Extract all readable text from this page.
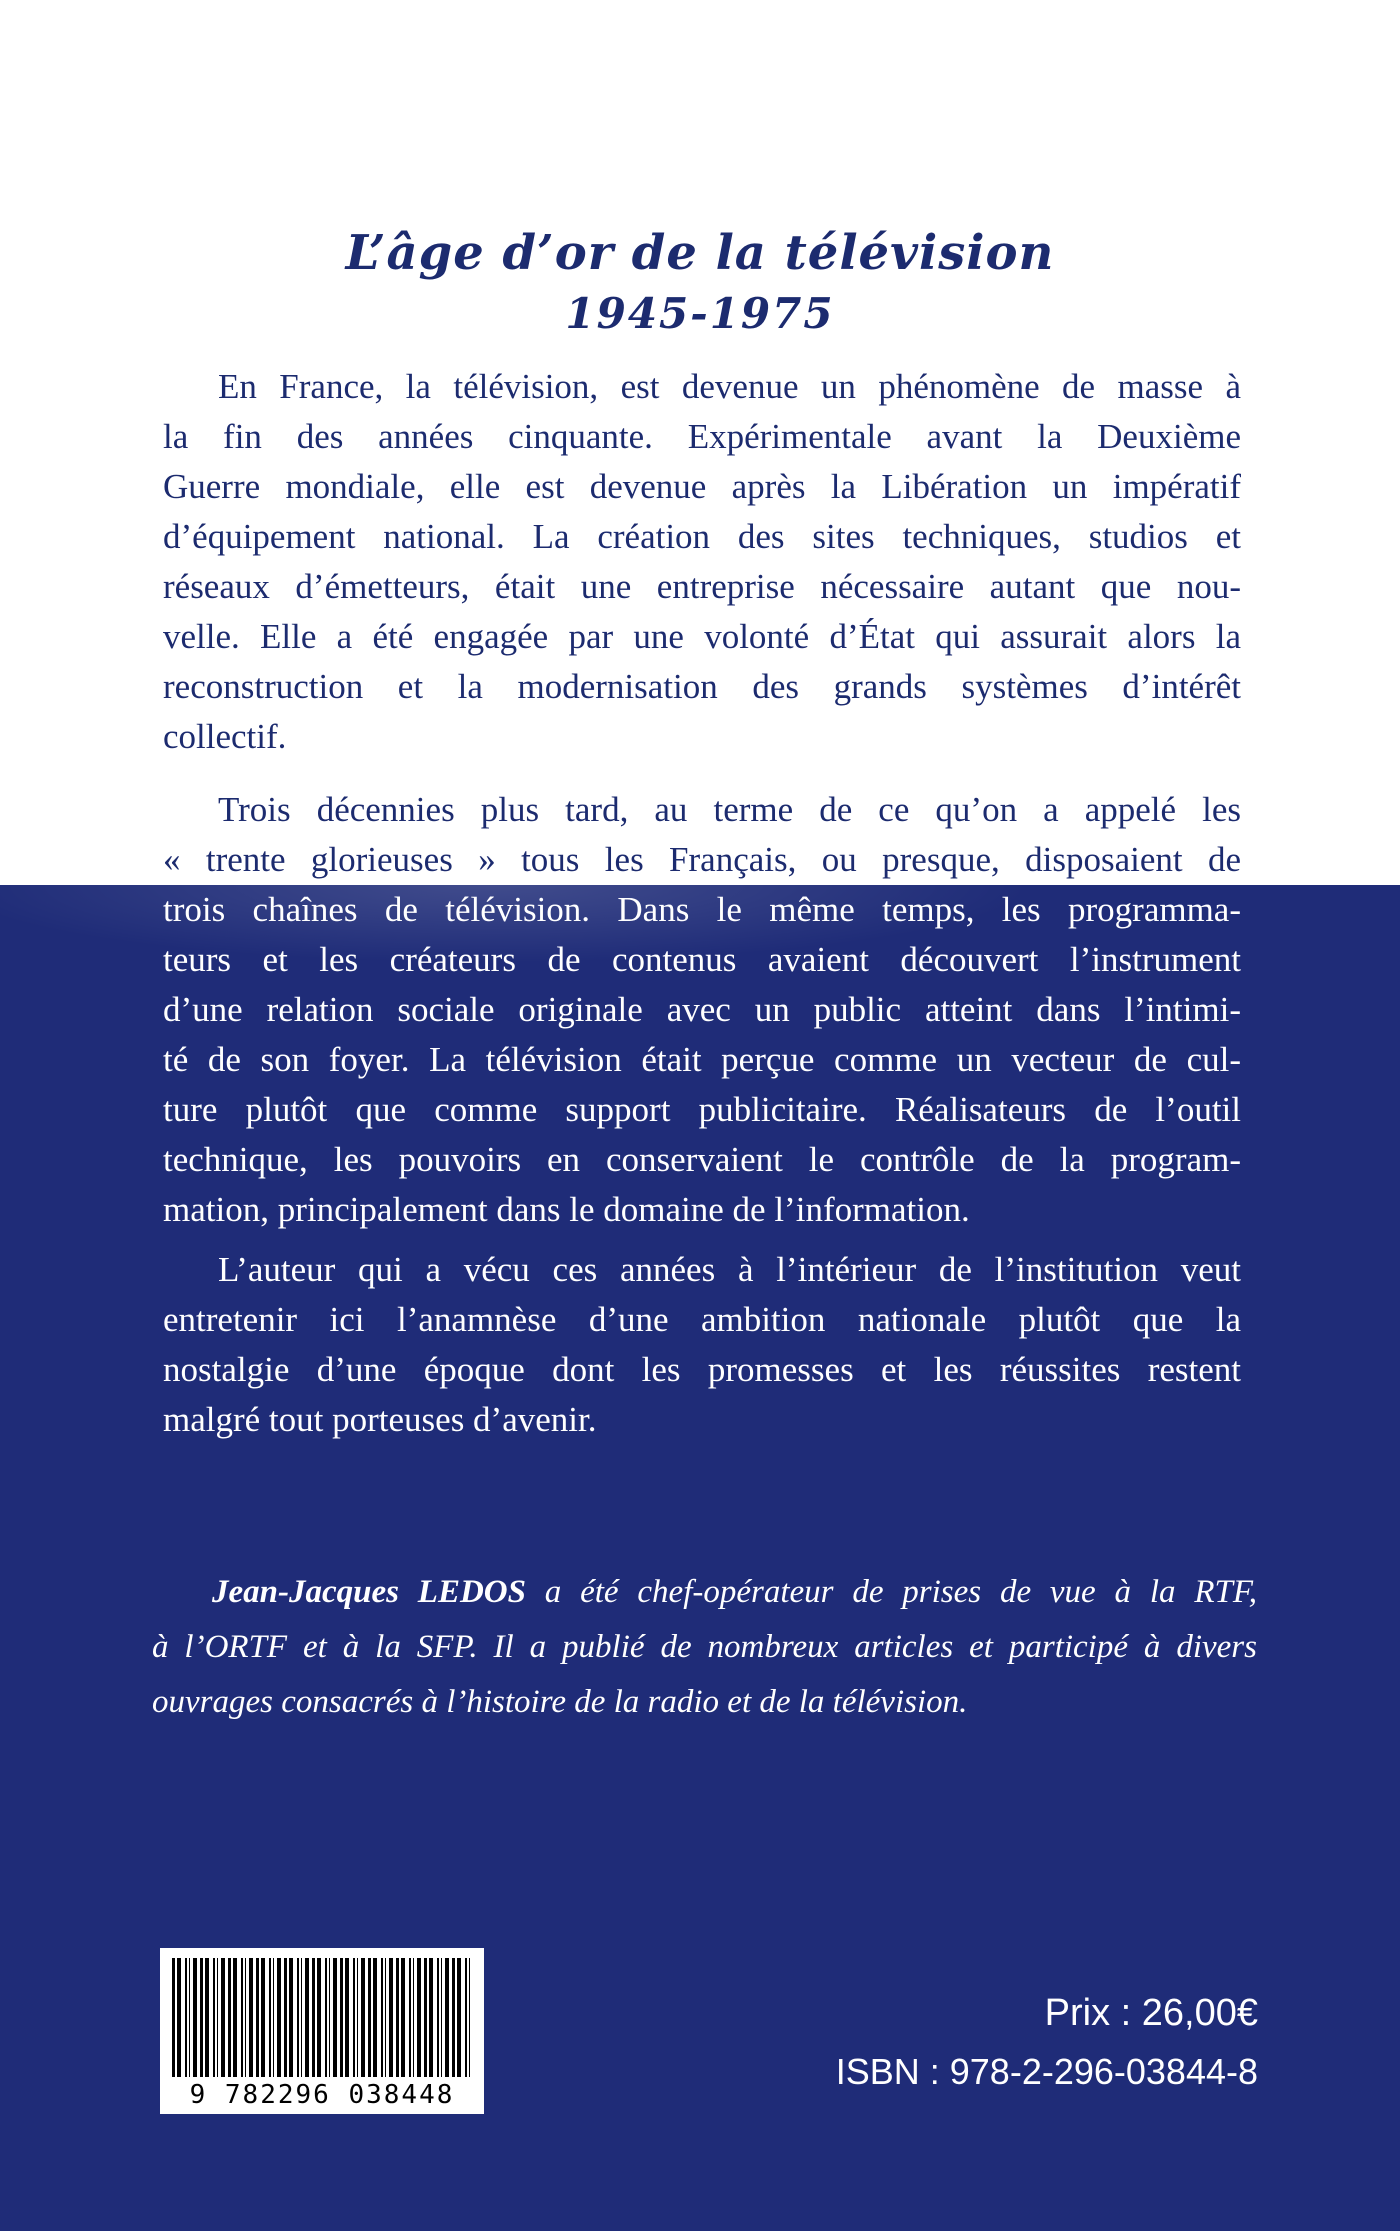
L’âge d’or de la télévision
1945-1975
En France, la télévision, est devenue un phénomène de masse à
la fin des années cinquante. Expérimentale avant la Deuxième
Guerre mondiale, elle est devenue après la Libération un impératif
d’équipement national. La création des sites techniques, studios et
réseaux d’émetteurs, était une entreprise nécessaire autant que nou-
velle. Elle a été engagée par une volonté d’État qui assurait alors la
reconstruction et la modernisation des grands systèmes d’intérêt
collectif.
Trois décennies plus tard, au terme de ce qu’on a appelé les
« trente glorieuses » tous les Français, ou presque, disposaient de
trois chaînes de télévision. Dans le même temps, les programma-
teurs et les créateurs de contenus avaient découvert l’instrument
d’une relation sociale originale avec un public atteint dans l’intimi-
té de son foyer. La télévision était perçue comme un vecteur de cul-
ture plutôt que comme support publicitaire. Réalisateurs de l’outil
technique, les pouvoirs en conservaient le contrôle de la program-
mation, principalement dans le domaine de l’information.
L’auteur qui a vécu ces années à l’intérieur de l’institution veut
entretenir ici l’anamnèse d’une ambition nationale plutôt que la
nostalgie d’une époque dont les promesses et les réussites restent
malgré tout porteuses d’avenir.
Jean-Jacques LEDOS a été chef-opérateur de prises de vue à la RTF,
à l’ORTF et à la SFP. Il a publié de nombreux articles et participé à divers
ouvrages consacrés à l’histoire de la radio et de la télévision.
9 782296 038448
Prix : 26,00€
ISBN : 978-2-296-03844-8
